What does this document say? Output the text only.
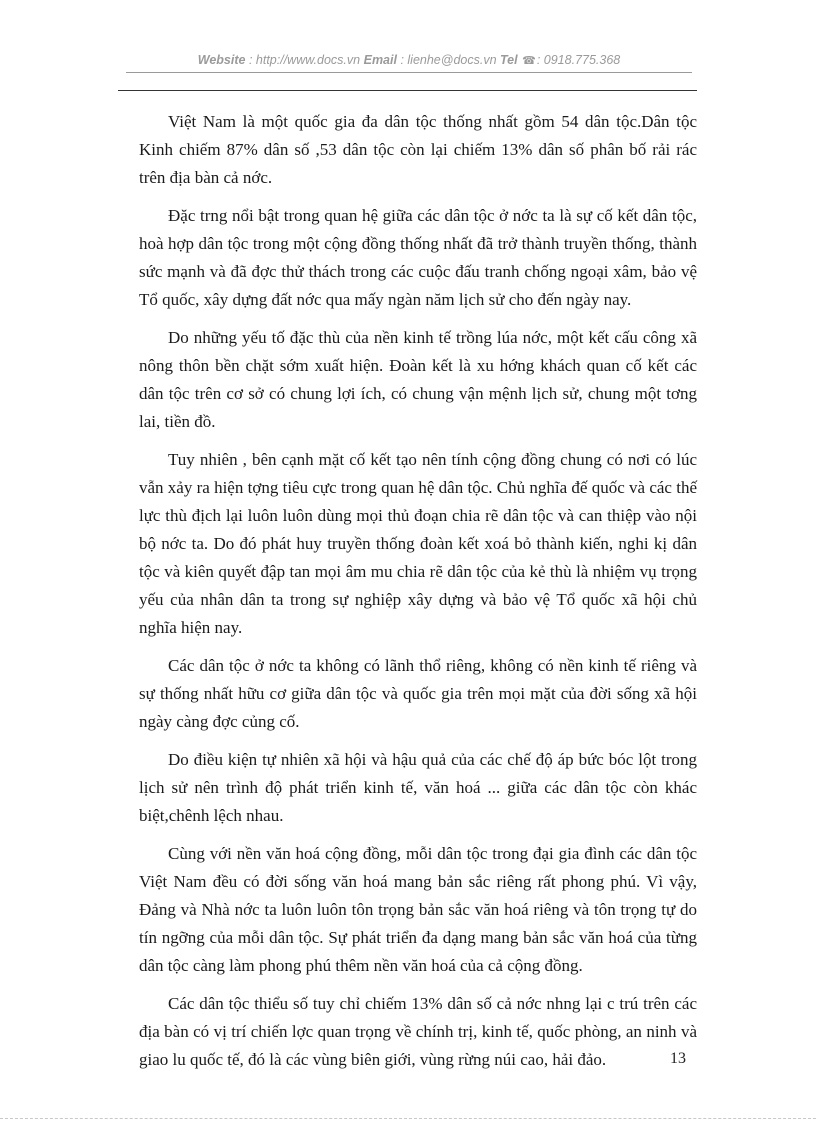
Website : http://www.docs.vn Email : lienhe@docs.vn Tel ☎: 0918.775.368

Việt Nam là một quốc gia đa dân tộc thống nhất gồm 54 dân tộc.Dân tộc Kinh chiếm 87% dân số ,53 dân tộc còn lại chiếm 13% dân số phân bố rải rác trên địa bàn cả nớc.

Đặc trng nổi bật trong quan hệ giữa các dân tộc ở nớc ta là sự cố kết dân tộc, hoà hợp dân tộc trong một cộng đồng thống nhất đã trở thành truyền thống, thành sức mạnh và đã đợc thử thách trong các cuộc đấu tranh chống ngoại xâm, bảo vệ Tổ quốc, xây dựng đất nớc qua mấy ngàn năm lịch sử cho đến ngày nay.

Do những yếu tố đặc thù của nền kinh tế trồng lúa nớc, một kết cấu công xã nông thôn bền chặt sớm xuất hiện. Đoàn kết là xu hớng khách quan cố kết các dân tộc trên cơ sở có chung lợi ích, có chung vận mệnh lịch sử, chung một tơng lai, tiền đồ.

Tuy nhiên , bên cạnh mặt cố kết tạo nên tính cộng đồng chung có nơi có lúc vẫn xảy ra hiện tợng tiêu cực trong quan hệ dân tộc. Chủ nghĩa đế quốc và các thế lực thù địch lại luôn luôn dùng mọi thủ đoạn chia rẽ dân tộc và can thiệp vào nội bộ nớc ta. Do đó phát huy truyền thống đoàn kết xoá bỏ thành kiến, nghi kị dân tộc và kiên quyết đập tan mọi âm mu chia rẽ dân tộc của kẻ thù là nhiệm vụ trọng yếu của nhân dân ta trong sự nghiệp xây dựng và bảo vệ Tổ quốc xã hội chủ nghĩa hiện nay.

Các dân tộc ở nớc ta không có lãnh thổ riêng, không có nền kinh tế riêng và sự thống nhất hữu cơ giữa dân tộc và quốc gia trên mọi mặt của đời sống xã hội ngày càng đợc củng cố.

Do điều kiện tự nhiên xã hội và hậu quả của các chế độ áp bức bóc lột trong lịch sử nên trình độ phát triển kinh tế, văn hoá ... giữa các dân tộc còn khác biệt,chênh lệch nhau.

Cùng với nền văn hoá cộng đồng, mỗi dân tộc trong đại gia đình các dân tộc Việt Nam đều có đời sống văn hoá mang bản sắc riêng rất phong phú. Vì vậy, Đảng và Nhà nớc ta luôn luôn tôn trọng bản sắc văn hoá riêng và tôn trọng tự do tín ngỡng của mỗi dân tộc. Sự phát triển đa dạng mang bản sắc văn hoá của từng dân tộc càng làm phong phú thêm nền văn hoá của cả cộng đồng.

Các dân tộc thiểu số tuy chỉ chiếm 13% dân số cả nớc nhng lại c trú trên các địa bàn có vị trí chiến lợc quan trọng về chính trị, kinh tế, quốc phòng, an ninh và giao lu quốc tế, đó là các vùng biên giới, vùng rừng núi cao, hải đảo.	13
